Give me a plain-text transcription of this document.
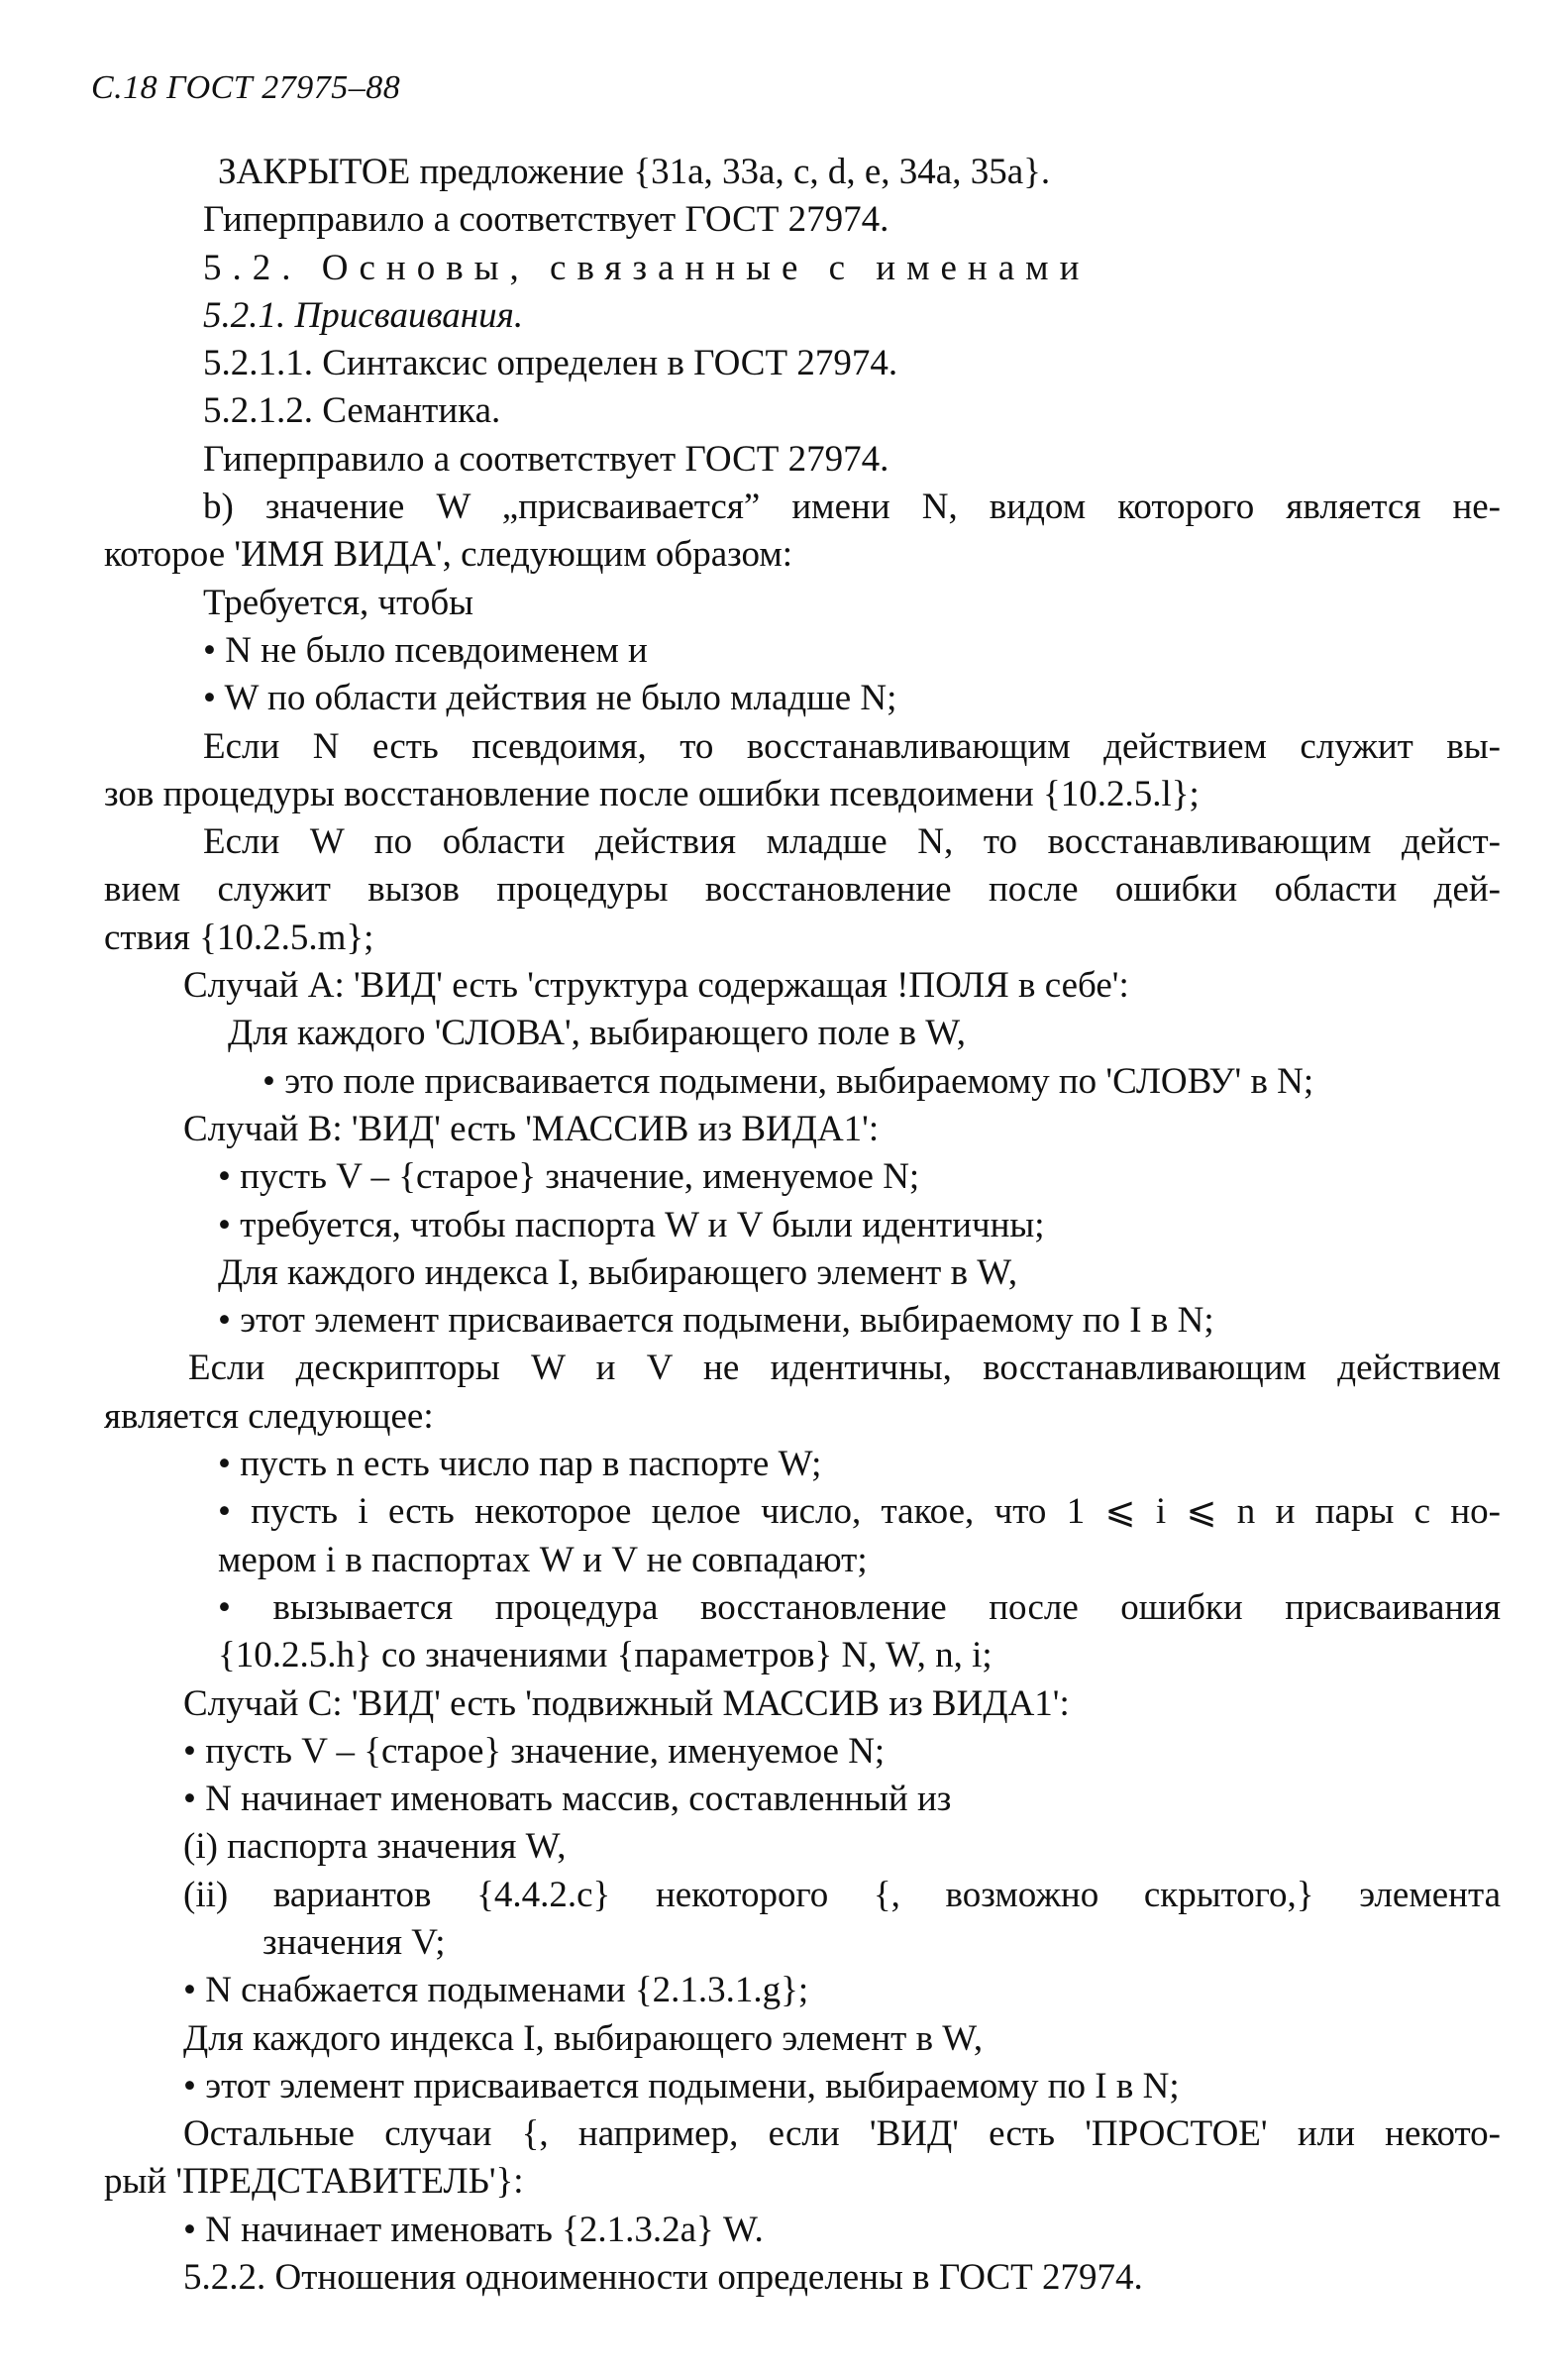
С.18 ГОСТ 27975–88
ЗАКРЫТОЕ предложение {31a, 33a, c, d, e, 34a, 35a}.
Гиперправило a соответствует ГОСТ 27974.
5.2. Основы, связанные с именами
5.2.1. Присваивания.
5.2.1.1. Синтаксис определен в ГОСТ 27974.
5.2.1.2. Семантика.
Гиперправило a соответствует ГОСТ 27974.
b) значение W „присваивается” имени N, видом которого является не-
которое 'ИМЯ ВИДА', следующим образом:
Требуется, чтобы
• N не было псевдоименем и
• W по области действия не было младше N;
Если N есть псевдоимя, то восстанавливающим действием служит вы-
зов процедуры восстановление после ошибки псевдоимени {10.2.5.l};
Если W по области действия младше N, то восстанавливающим дейст-
вием служит вызов процедуры восстановление после ошибки области дей-
ствия {10.2.5.m};
Случай A: 'ВИД' есть 'структура содержащая !ПОЛЯ в себе':
Для каждого 'СЛОВА', выбирающего поле в W,
• это поле присваивается подымени, выбираемому по 'СЛОВУ' в N;
Случай B: 'ВИД' есть 'МАССИВ из ВИДА1':
• пусть V – {старое} значение, именуемое N;
• требуется, чтобы паспорта W и V были идентичны;
Для каждого индекса I, выбирающего элемент в W,
• этот элемент присваивается подымени, выбираемому по I в N;
Если дескрипторы W и V не идентичны, восстанавливающим действием
является следующее:
• пусть n есть число пар в паспорте W;
• пусть i есть некоторое целое число, такое, что 1 ⩽ i ⩽ n и пары с но-
мером i в паспортах W и V не совпадают;
• вызывается процедура восстановление после ошибки присваивания
{10.2.5.h} со значениями {параметров} N, W, n, i;
Случай C: 'ВИД' есть 'подвижный МАССИВ из ВИДА1':
• пусть V – {старое} значение, именуемое N;
• N начинает именовать массив, составленный из
(i) паспорта значения W,
(ii) вариантов {4.4.2.c} некоторого {, возможно скрытого,} элемента
значения V;
• N снабжается подыменами {2.1.3.1.g};
Для каждого индекса I, выбирающего элемент в W,
• этот элемент присваивается подымени, выбираемому по I в N;
Остальные случаи {, например, если 'ВИД' есть 'ПРОСТОЕ' или некото-
рый 'ПРЕДСТАВИТЕЛЬ'}:
• N начинает именовать {2.1.3.2a} W.
5.2.2. Отношения одноименности определены в ГОСТ 27974.
